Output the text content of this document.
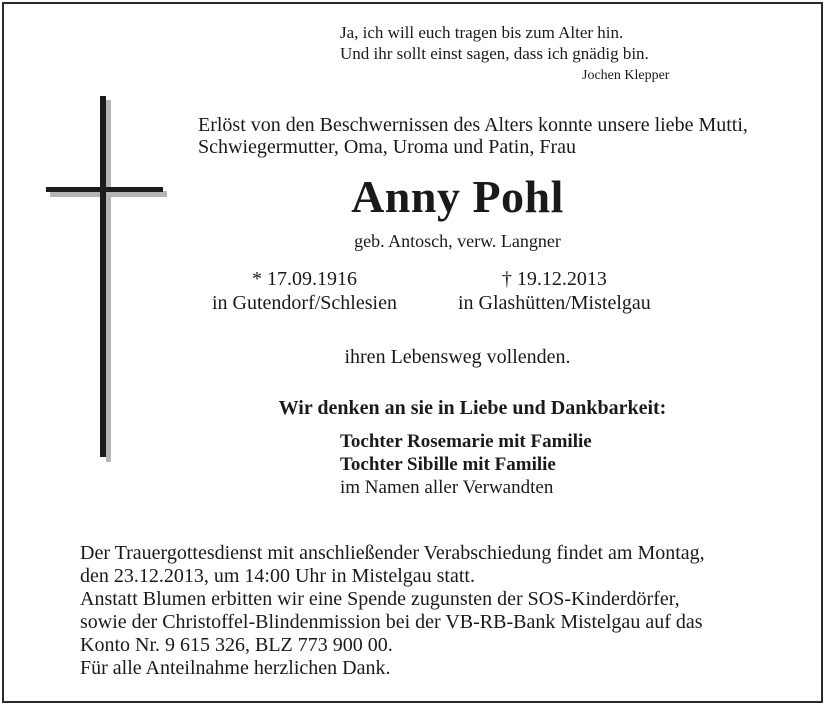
Ja, ich will euch tragen bis zum Alter hin.
Und ihr sollt einst sagen, dass ich gnädig bin.
Jochen Klepper
Erlöst von den Beschwernissen des Alters konnte unsere liebe Mutti,
Schwiegermutter, Oma, Uroma und Patin, Frau
Anny Pohl
geb. Antosch, verw. Langner
* 17.09.1916
in Gutendorf/Schlesien
† 19.12.2013
in Glashütten/Mistelgau
ihren Lebensweg vollenden.
Wir denken an sie in Liebe und Dankbarkeit:
Tochter Rosemarie mit Familie
Tochter Sibille mit Familie
im Namen aller Verwandten
Der Trauergottesdienst mit anschließender Verabschiedung findet am Montag,
den 23.12.2013, um 14:00 Uhr in Mistelgau statt.
Anstatt Blumen erbitten wir eine Spende zugunsten der SOS-Kinderdörfer,
sowie der Christoffel-Blindenmission bei der VB-RB-Bank Mistelgau auf das
Konto Nr. 9 615 326, BLZ 773 900 00.
Für alle Anteilnahme herzlichen Dank.
